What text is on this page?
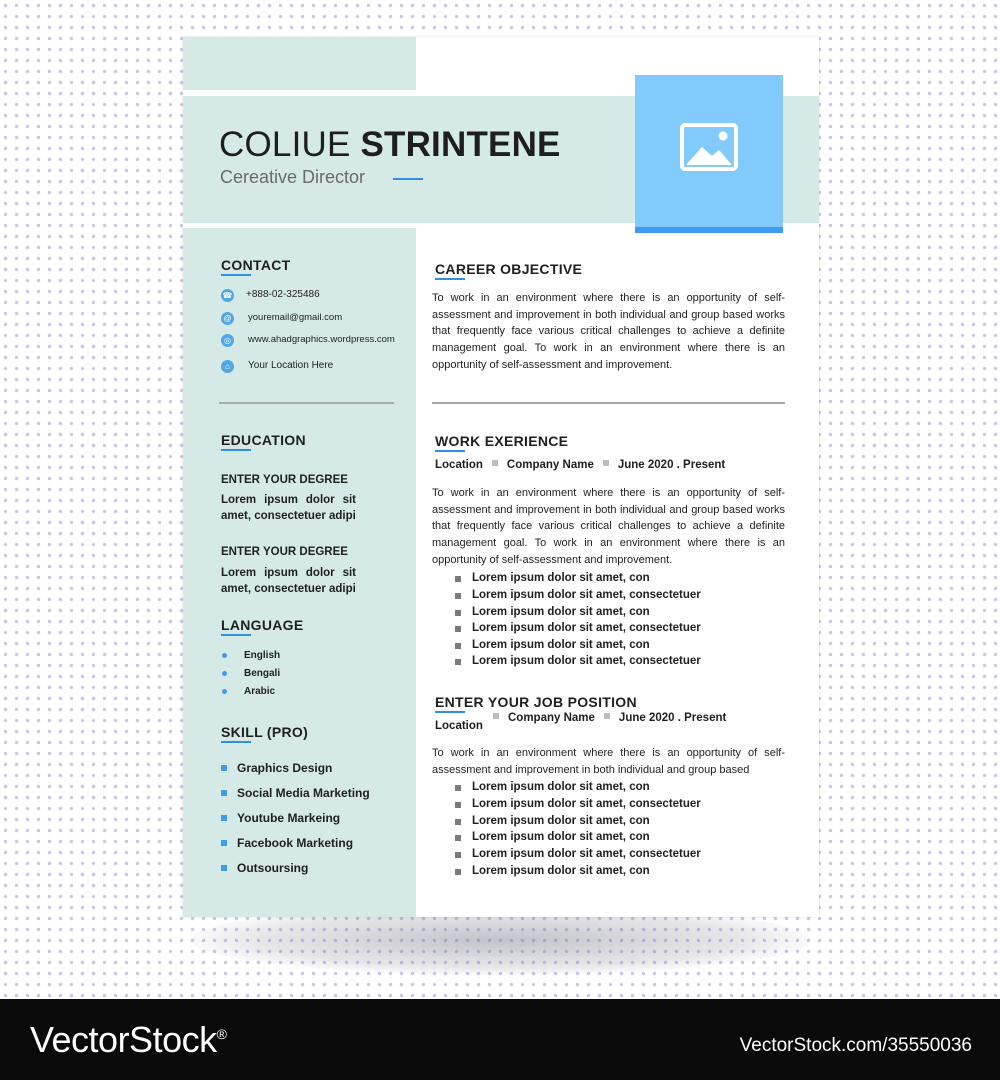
COLIUE STRINTENE
Cereative Director
CONTACT
☎ +888-02-325486
@ youremail@gmail.com
◎	www.ahadgraphics.wordpress.com
⌂	Your Location Here
EDUCATION
ENTER YOUR DEGREE
Lorem ipsum dolor sit
amet, consectetuer adipi
ENTER YOUR DEGREE
Lorem ipsum dolor sit
amet, consectetuer adipi
LANGUAGE
English
Bengali
Arabic
SKILL (PRO)
Graphics Design
Social Media Marketing
Youtube Markeing
Facebook Marketing
Outsoursing
CAREER OBJECTIVE
To work in an environment where there is an opportunity of self-assessment and improvement in both individual and group based works that frequently face various critical challenges to achieve a definite management goal. To work in an environment where there is an opportunity of self-assessment and improvement.
WORK EXERIENCE
Location Company Name June 2020 . Present
To work in an environment where there is an opportunity of self-assessment and improvement in both individual and group based works that frequently face various critical challenges to achieve a definite management goal. To work in an environment where there is an opportunity of self-assessment and improvement.
Lorem ipsum dolor sit amet, con
Lorem ipsum dolor sit amet, consectetuer
Lorem ipsum dolor sit amet, con
Lorem ipsum dolor sit amet, consectetuer
Lorem ipsum dolor sit amet, con
Lorem ipsum dolor sit amet, consectetuer
ENTER YOUR JOB POSITION
Location
Company Name June 2020 . Present
To work in an environment where there is an opportunity of self-assessment and improvement in both individual and group based
Lorem ipsum dolor sit amet, con
Lorem ipsum dolor sit amet, consectetuer
Lorem ipsum dolor sit amet, con
Lorem ipsum dolor sit amet, con
Lorem ipsum dolor sit amet, consectetuer
Lorem ipsum dolor sit amet, con
VectorStock®
VectorStock.com/35550036
